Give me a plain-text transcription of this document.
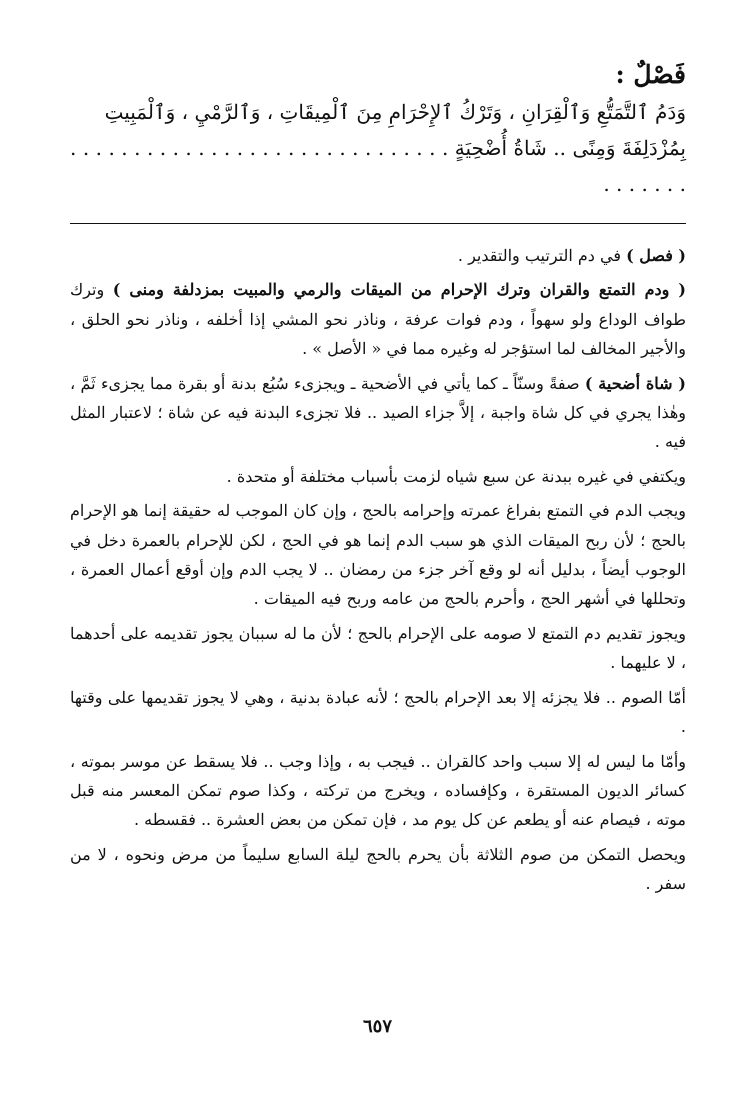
فَصْلٌ :

وَدَمُ ٱلتَّمَتُّعِ وَٱلْقِرَانِ ، وَتَرْكُ ٱلإِحْرَامِ مِنَ ٱلْمِيقَاتِ ، وَٱلرَّمْيِ ، وَٱلْمَبِيتِ

بِمُزْدَلِفَةَ وَمِنًى .. شَاةُ أُضْحِيَةٍ . . . . . . . . . . . . . . . . . . . . . . . . . . . . . . . . . . . . .

( فصل ) في دم الترتيب والتقدير .

( ودم التمتع والقران وترك الإحرام من الميقات والرمي والمبيت بمزدلفة ومنى ) وترك طواف الوداع ولو سهواً ، ودم فوات عرفة ، وناذر نحو المشي إذا أخلفه ، وناذر نحو الحلق ، والأجير المخالف لما استؤجر له وغيره مما في « الأصل » .

( شاة أضحية ) صفةً وسنّاً ـ كما يأتي في الأضحية ـ ويجزىء سُبُع بدنة أو بقرة مما يجزىء ثَمَّ ، وهٰذا يجري في كل شاة واجبة ، إلاَّ جزاء الصيد .. فلا تجزىء البدنة فيه عن شاة ؛ لاعتبار المثل فيه .

ويكتفي في غيره ببدنة عن سبع شياه لزمت بأسباب مختلفة أو متحدة .

ويجب الدم في التمتع بفراغ عمرته وإحرامه بالحج ، وإن كان الموجب له حقيقة إنما هو الإحرام بالحج ؛ لأن ربح الميقات الذي هو سبب الدم إنما هو في الحج ، لكن للإحرام بالعمرة دخل في الوجوب أيضاً ، بدليل أنه لو وقع آخر جزء من رمضان .. لا يجب الدم وإن أوقع أعمال العمرة ، وتحللها في أشهر الحج ، وأحرم بالحج من عامه وربح فيه الميقات .

ويجوز تقديم دم التمتع لا صومه على الإحرام بالحج ؛ لأن ما له سببان يجوز تقديمه على أحدهما ، لا عليهما .

أمّا الصوم .. فلا يجزئه إلا بعد الإحرام بالحج ؛ لأنه عبادة بدنية ، وهي لا يجوز تقديمها على وقتها .

وأمّا ما ليس له إلا سبب واحد كالقران .. فيجب به ، وإذا وجب .. فلا يسقط عن موسر بموته ، كسائر الديون المستقرة ، وكإفساده ، ويخرج من تركته ، وكذا صوم تمكن المعسر منه قبل موته ، فيصام عنه أو يطعم عن كل يوم مد ، فإن تمكن من بعض العشرة .. فقسطه .

ويحصل التمكن من صوم الثلاثة بأن يحرم بالحج ليلة السابع سليماً من مرض ونحوه ، لا من سفر .

٦٥٧
